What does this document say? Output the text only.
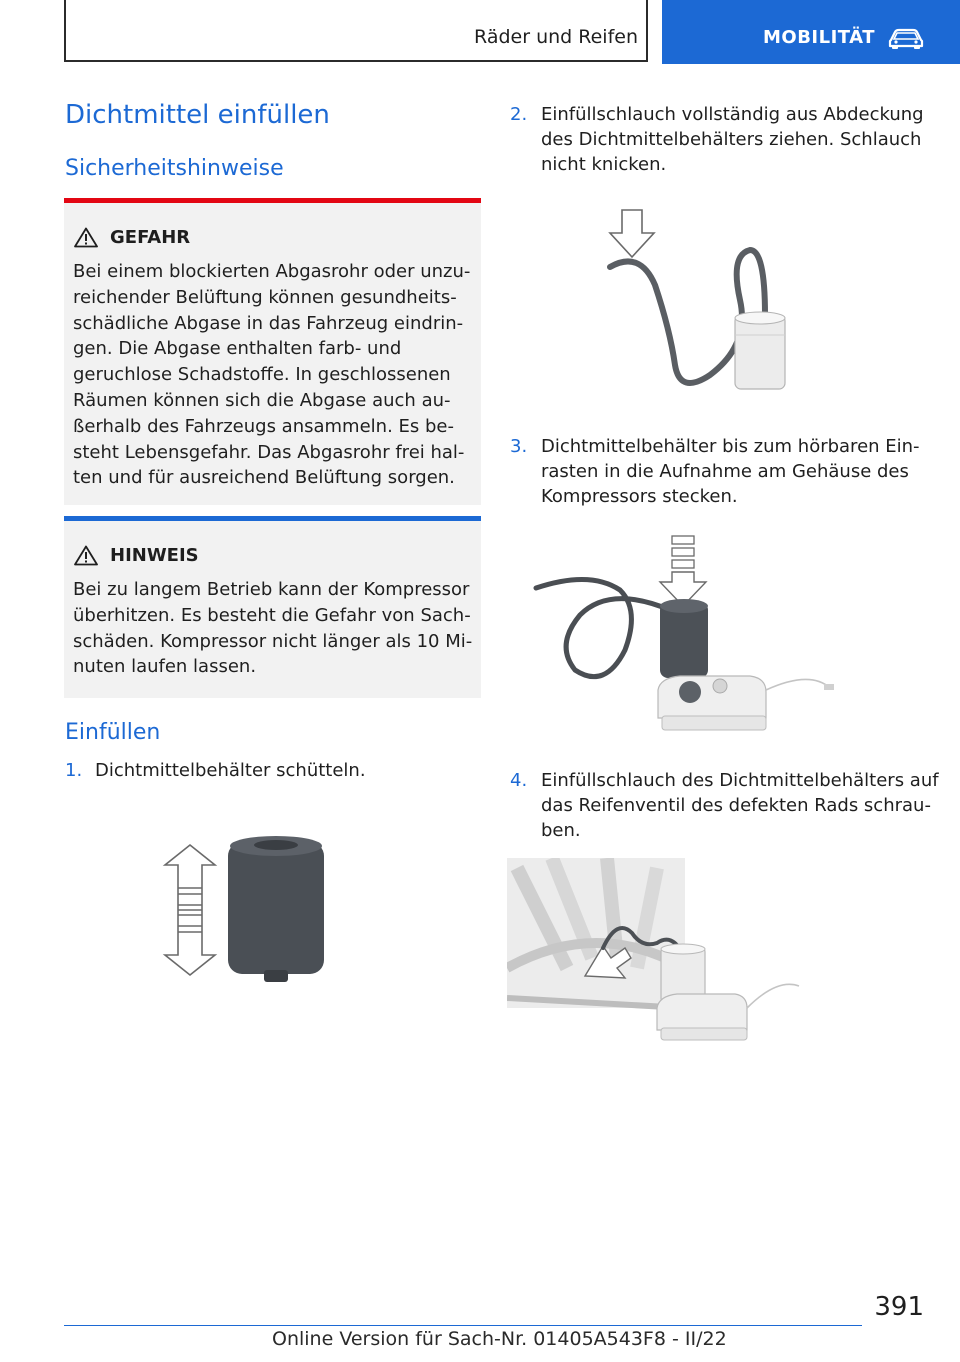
Räder und Reifen	MOBILITÄT
Dichtmittel einfüllen
Sicherheitshinweise
GEFAHR
Bei einem blockierten Abgasrohr oder unzu-
reichender Belüftung können gesundheits-
schädliche Abgase in das Fahrzeug eindrin-
gen. Die Abgase enthalten farb- und
geruchlose Schadstoffe. In geschlossenen
Räumen können sich die Abgase auch au-
ßerhalb des Fahrzeugs ansammeln. Es be-
steht Lebensgefahr. Das Abgasrohr frei hal-
ten und für ausreichend Belüftung sorgen.
HINWEIS
Bei zu langem Betrieb kann der Kompressor
überhitzen. Es besteht die Gefahr von Sach-
schäden. Kompressor nicht länger als 10 Mi-
nuten laufen lassen.
Einfüllen
1. Dichtmittelbehälter schütteln.
2. Einfüllschlauch vollständig aus Abdeckung
des Dichtmittelbehälters ziehen. Schlauch
nicht knicken.
3. Dichtmittelbehälter bis zum hörbaren Ein-
rasten in die Aufnahme am Gehäuse des
Kompressors stecken.
4. Einfüllschlauch des Dichtmittelbehälters auf
das Reifenventil des defekten Rads schrau-
ben.
391
Online Version für Sach-Nr. 01405A543F8 - II/22
